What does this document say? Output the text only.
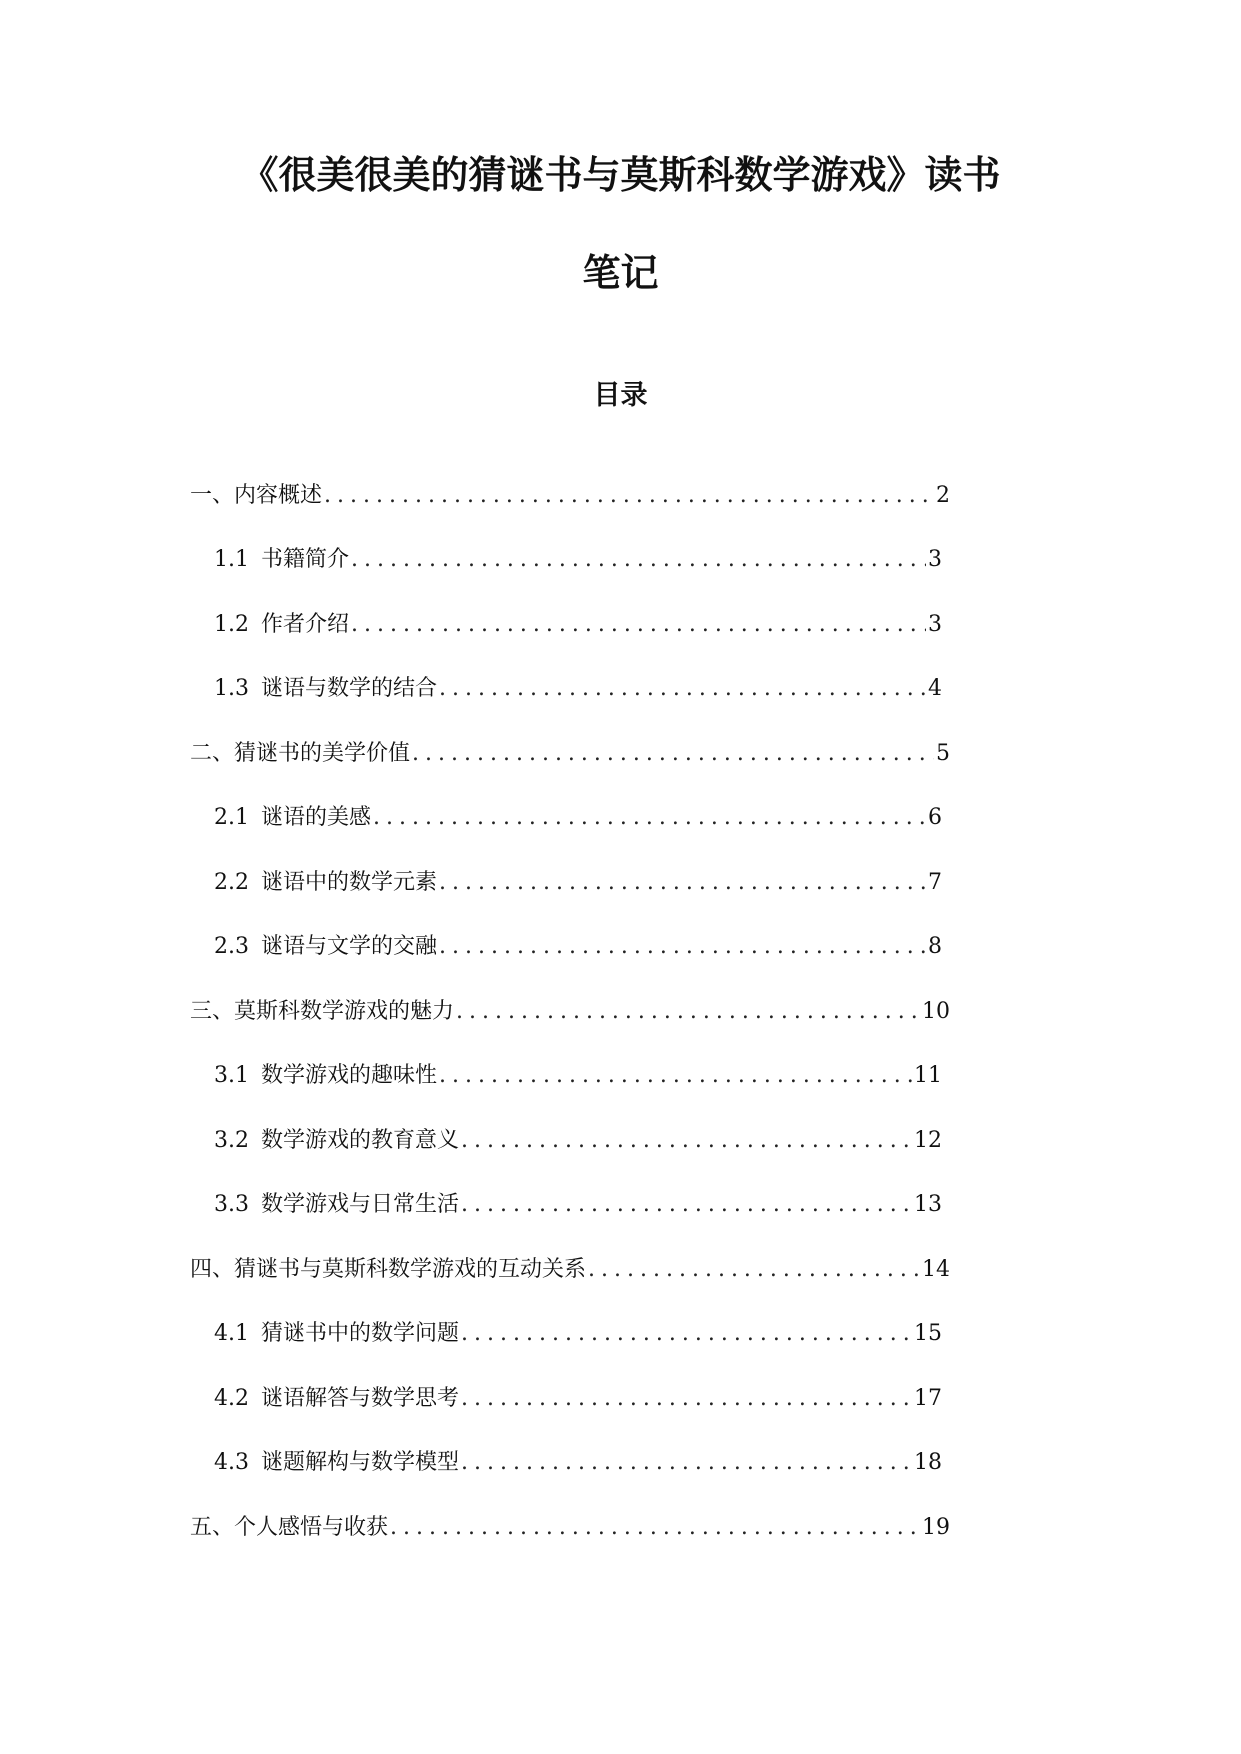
《很美很美的猜谜书与莫斯科数学游戏》读书
笔记
目录
一、内容概述 .....	2
1.1 书籍简介 .....	3
1.2 作者介绍 .....	3
1.3 谜语与数学的结合 .....	4
二、猜谜书的美学价值 .....	5
2.1 谜语的美感 .....	6
2.2 谜语中的数学元素 .....	7
2.3 谜语与文学的交融 .....	8
三、莫斯科数学游戏的魅力 .....	10
3.1 数学游戏的趣味性 .....	11
3.2 数学游戏的教育意义 .....	12
3.3 数学游戏与日常生活 .....	13
四、猜谜书与莫斯科数学游戏的互动关系 .....	14
4.1 猜谜书中的数学问题 .....	15
4.2 谜语解答与数学思考 .....	17
4.3 谜题解构与数学模型 .....	18
五、个人感悟与收获 .....	19
